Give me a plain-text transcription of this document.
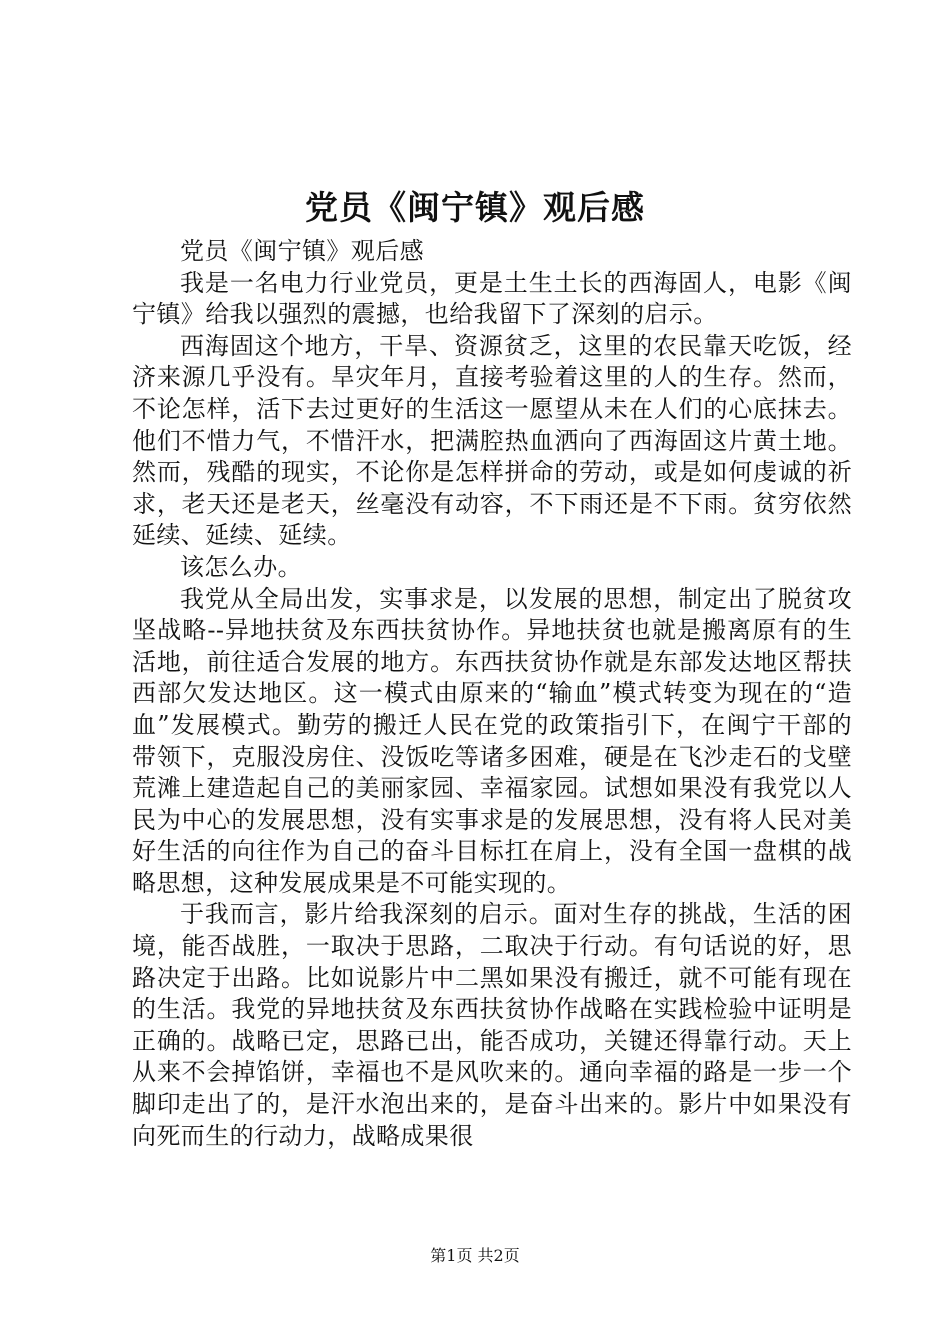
党员《闽宁镇》观后感

党员《闽宁镇》观后感

我是一名电力行业党员，更是土生土长的西海固人，电影《闽宁镇》给我以强烈的震撼，也给我留下了深刻的启示。

西海固这个地方，干旱、资源贫乏，这里的农民靠天吃饭，经济来源几乎没有。旱灾年月，直接考验着这里的人的生存。然而，不论怎样，活下去过更好的生活这一愿望从未在人们的心底抹去。他们不惜力气，不惜汗水，把满腔热血洒向了西海固这片黄土地。然而，残酷的现实，不论你是怎样拼命的劳动，或是如何虔诚的祈求，老天还是老天，丝毫没有动容，不下雨还是不下雨。贫穷依然延续、延续、延续。

该怎么办。

我党从全局出发，实事求是，以发展的思想，制定出了脱贫攻坚战略--异地扶贫及东西扶贫协作。异地扶贫也就是搬离原有的生活地，前往适合发展的地方。东西扶贫协作就是东部发达地区帮扶西部欠发达地区。这一模式由原来的“输血”模式转变为现在的“造血”发展模式。勤劳的搬迁人民在党的政策指引下，在闽宁干部的带领下，克服没房住、没饭吃等诸多困难，硬是在飞沙走石的戈壁荒滩上建造起自己的美丽家园、幸福家园。试想如果没有我党以人民为中心的发展思想，没有实事求是的发展思想，没有将人民对美好生活的向往作为自己的奋斗目标扛在肩上，没有全国一盘棋的战略思想，这种发展成果是不可能实现的。

于我而言，影片给我深刻的启示。面对生存的挑战，生活的困境，能否战胜，一取决于思路，二取决于行动。有句话说的好，思路决定于出路。比如说影片中二黑如果没有搬迁，就不可能有现在的生活。我党的异地扶贫及东西扶贫协作战略在实践检验中证明是正确的。战略已定，思路已出，能否成功，关键还得靠行动。天上从来不会掉馅饼，幸福也不是风吹来的。通向幸福的路是一步一个脚印走出了的，是汗水泡出来的，是奋斗出来的。影片中如果没有向死而生的行动力，战略成果很

第1页 共2页
